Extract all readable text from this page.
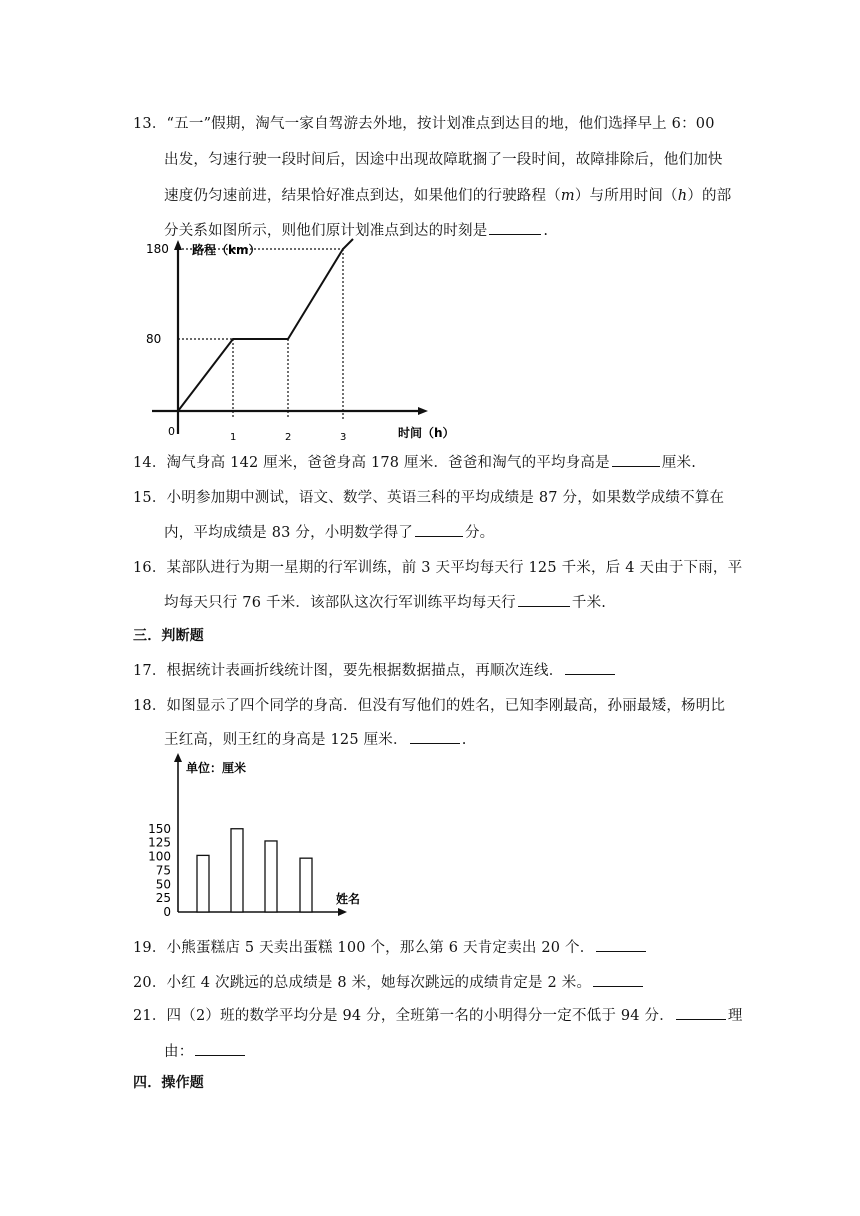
13．“五一”假期，淘气一家自驾游去外地，按计划准点到达目的地，他们选择早上 6：00
出发，匀速行驶一段时间后，因途中出现故障耽搁了一段时间，故障排除后，他们加快
速度仍匀速前进，结果恰好准点到达，如果他们的行驶路程（m）与所用时间（h）的部
分关系如图所示，则他们原计划准点到达的时刻是	.
路程（km）
时间（h）
0	1	2	3
80
180
14．淘气身高 142 厘米，爸爸身高 178 厘米．爸爸和淘气的平均身高是	厘米.
15．小明参加期中测试，语文、数学、英语三科的平均成绩是 87 分，如果数学成绩不算在
内，平均成绩是 83 分，小明数学得了	分。
16．某部队进行为期一星期的行军训练，前 3 天平均每天行 125 千米，后 4 天由于下雨，平
均每天只行 76 千米．该部队这次行军训练平均每天行	千米.
三．判断题
17．根据统计表画折线统计图，要先根据数据描点，再顺次连线．
18．如图显示了四个同学的身高．但没有写他们的姓名，已知李刚最高，孙丽最矮，杨明比
王红高，则王红的身高是 125 厘米．	.
单位：厘米
姓名
0
25
50
75
100
125
150
19．小熊蛋糕店 5 天卖出蛋糕 100 个，那么第 6 天肯定卖出 20 个．
20．小红 4 次跳远的总成绩是 8 米，她每次跳远的成绩肯定是 2 米。
21．四（2）班的数学平均分是 94 分，全班第一名的小明得分一定不低于 94 分．	理
由：
四．操作题
